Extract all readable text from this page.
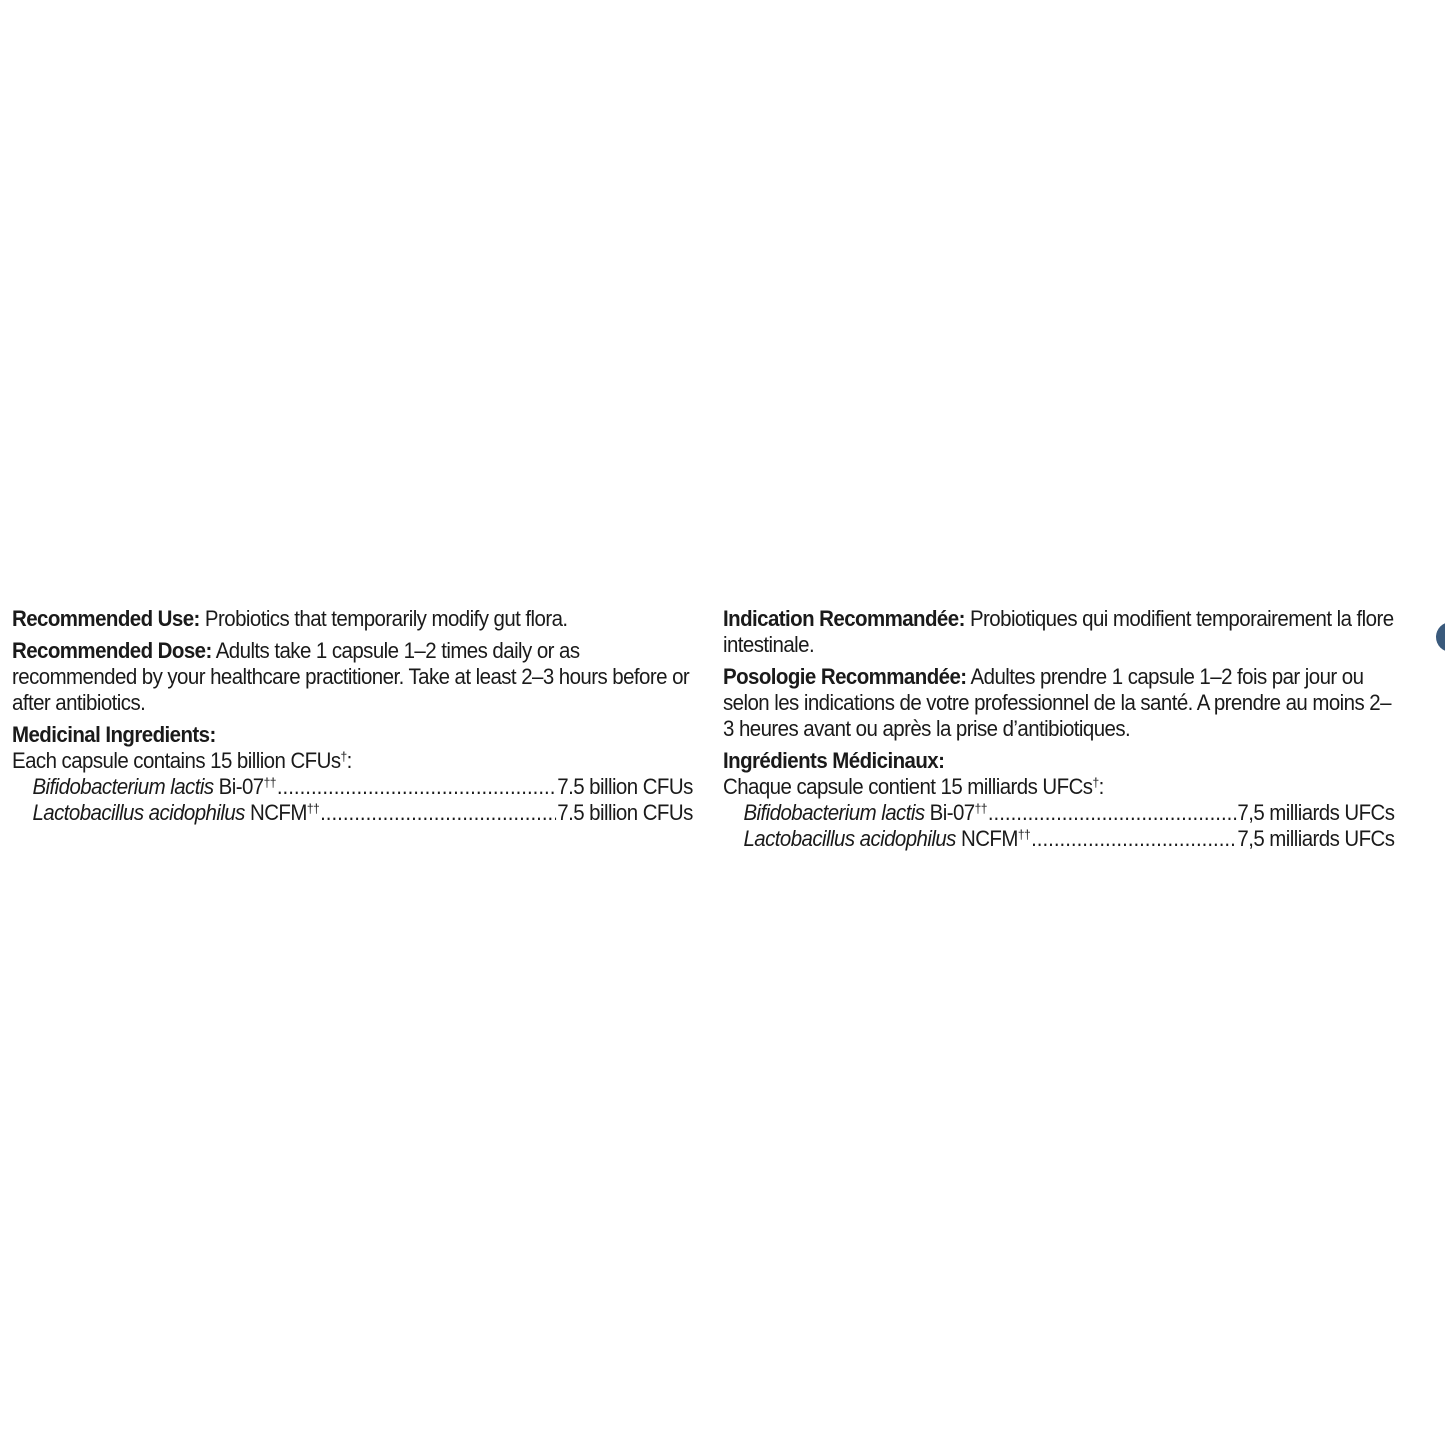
Recommended Use: Probiotics that temporarily modify gut flora.

Recommended Dose: Adults take 1 capsule 1–2 times daily or as recommended by your healthcare practitioner. Take at least 2–3 hours before or after antibiotics.

Medicinal Ingredients:

Each capsule contains 15 billion CFUs†:

Bifidobacterium lactis Bi-07†† .....	7.5 billion CFUs
Lactobacillus acidophilus NCFM†† .....	7.5 billion CFUs

Indication Recommandée: Probiotiques qui modifient temporairement la flore intestinale.

Posologie Recommandée: Adultes prendre 1 capsule 1–2 fois par jour ou selon les indications de votre professionnel de la santé. A prendre au moins 2–3 heures avant ou après la prise d’antibiotiques.

Ingrédients Médicinaux:

Chaque capsule contient 15 milliards UFCs†:

Bifidobacterium lactis Bi-07†† .....	7,5 milliards UFCs
Lactobacillus acidophilus NCFM†† .....	7,5 milliards UFCs
